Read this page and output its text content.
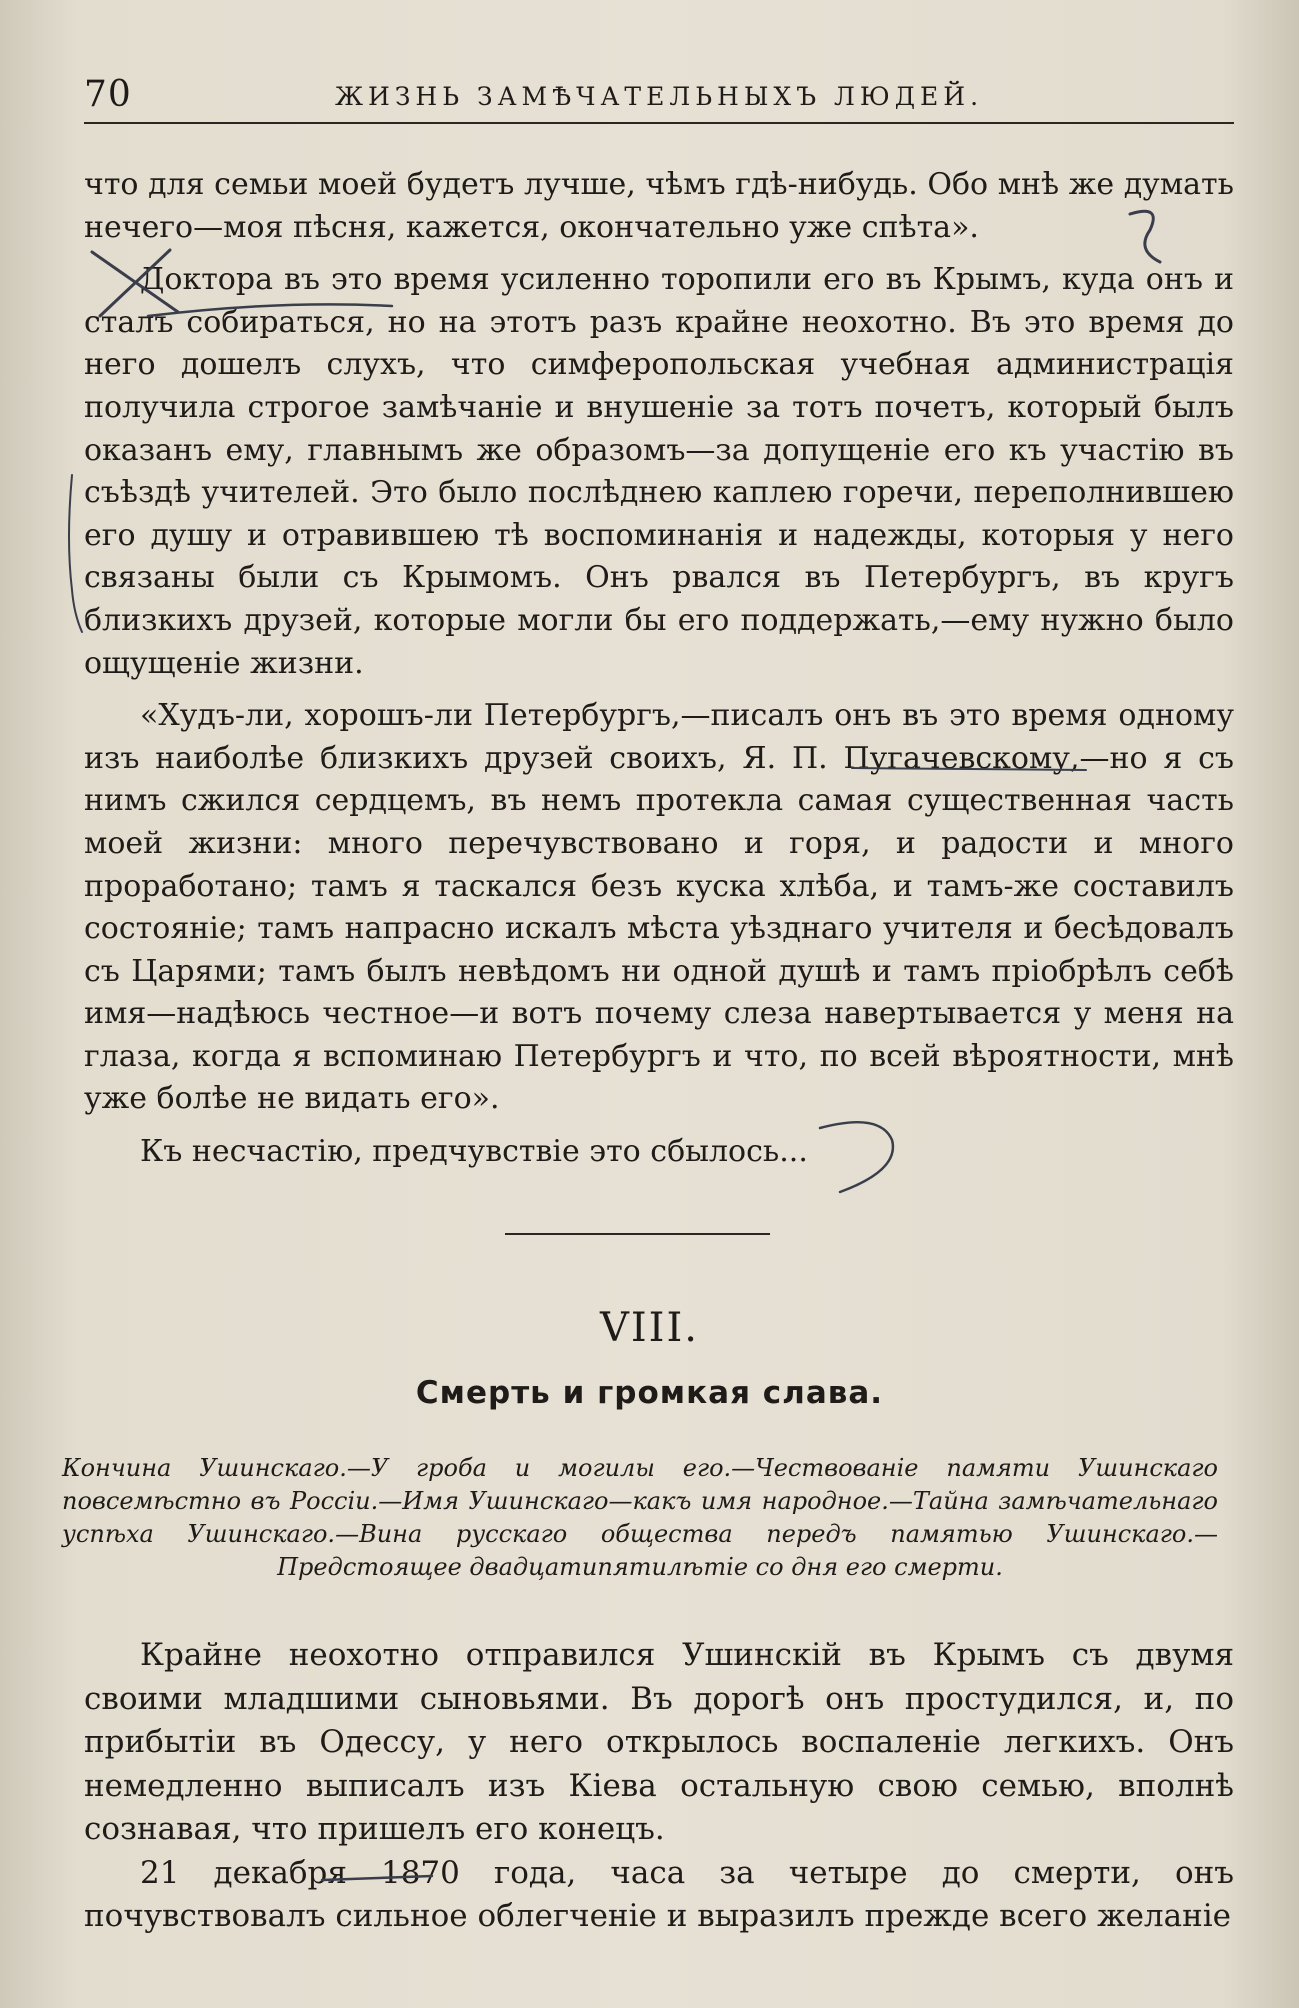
70	ЖИЗНЬ ЗАМѢЧАТЕЛЬНЫХЪ ЛЮДЕЙ.

что для семьи моей будетъ лучше, чѣмъ гдѣ-нибудь. Обо мнѣ же думать нечего—моя пѣсня, кажется, окончательно уже спѣта».

Доктора въ это время усиленно торопили его въ Крымъ, куда онъ и сталъ собираться, но на этотъ разъ крайне неохотно. Въ это время до него дошелъ слухъ, что симферопольская учебная администрація получила строгое замѣчаніе и внушеніе за тотъ почетъ, который былъ оказанъ ему, главнымъ же образомъ—за допущеніе его къ участію въ съѣздѣ учителей. Это было послѣднею каплею горечи, переполнившею его душу и отравившею тѣ воспоминанія и надежды, которыя у него связаны были съ Крымомъ. Онъ рвался въ Петербургъ, въ кругъ близкихъ друзей, которые могли бы его поддержать,—ему нужно было ощущеніе жизни.

«Худъ-ли, хорошъ-ли Петербургъ,—писалъ онъ въ это время одному изъ наиболѣе близкихъ друзей своихъ, Я. П. Пугачевскому,—но я съ нимъ сжился сердцемъ, въ немъ протекла самая существенная часть моей жизни: много перечувствовано и горя, и радости и много проработано; тамъ я таскался безъ куска хлѣба, и тамъ-же составилъ состояніе; тамъ напрасно искалъ мѣста уѣзднаго учителя и бесѣдовалъ съ Царями; тамъ былъ невѣдомъ ни одной душѣ и тамъ пріобрѣлъ себѣ имя—надѣюсь честное—и вотъ почему слеза навертывается у меня на глаза, когда я вспоминаю Петербургъ и что, по всей вѣроятности, мнѣ уже болѣе не видать его».

Къ несчастію, предчувствіе это сбылось...

VIII.
Смерть и громкая слава.
Кончина Ушинскаго.—У гроба и могилы его.—Чествованіе памяти Ушинскаго повсемѣстно въ Россіи.—Имя Ушинскаго—какъ имя народное.—Тайна замѣчательнаго успѣха Ушинскаго.—Вина русскаго общества передъ памятью Ушинскаго.—Предстоящее двадцатипятилѣтіе со дня его смерти.

Крайне неохотно отправился Ушинскій въ Крымъ съ двумя своими младшими сыновьями. Въ дорогѣ онъ простудился, и, по прибытіи въ Одессу, у него открылось воспаленіе легкихъ. Онъ немедленно выписалъ изъ Кіева остальную свою семью, вполнѣ сознавая, что пришелъ его конецъ.

21 декабря 1870 года, часа за четыре до смерти, онъ почувствовалъ сильное облегченіе и выразилъ прежде всего желаніе
